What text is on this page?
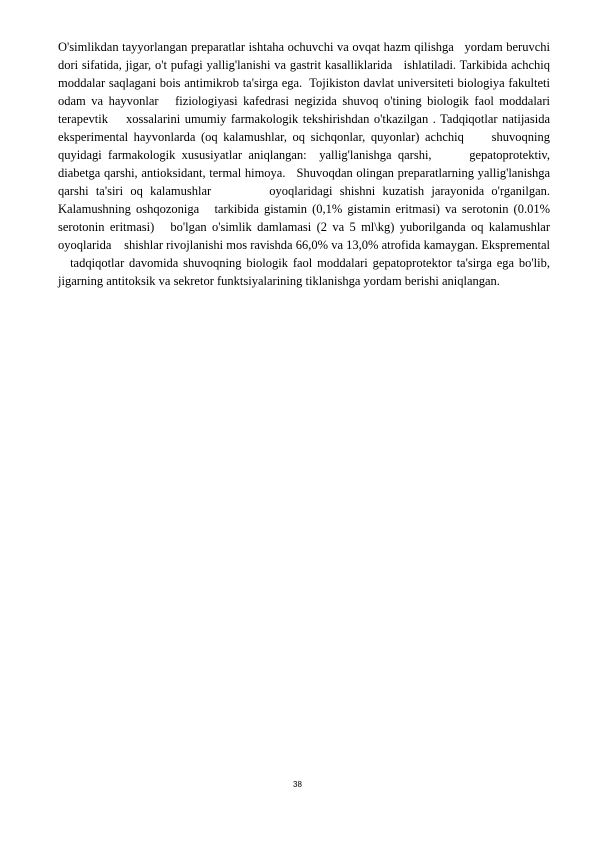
O'simlikdan tayyorlangan preparatlar ishtaha ochuvchi va ovqat hazm qilishga   yordam beruvchi dori sifatida, jigar, o't pufagi yallig'lanishi va gastrit kasalliklarida   ishlatiladi. Tarkibida achchiq moddalar saqlagani bois antimikrob ta'sirga ega.  Tojikiston davlat universiteti biologiya fakulteti odam va hayvonlar   fiziologiyasi kafedrasi negizida shuvoq o'tining biologik faol moddalari terapevtik    xossalarini umumiy farmakologik tekshirishdan o'tkazilgan . Tadqiqotlar natijasida     eksperimental hayvonlarda (oq kalamushlar, oq sichqonlar, quyonlar) achchiq     shuvoqning quyidagi farmakologik xususiyatlar aniqlangan:  yallig'lanishga qarshi,      gepatoprotektiv, diabetga qarshi, antioksidant, termal himoya.   Shuvoqdan olingan preparatlarning yallig'lanishga qarshi ta'siri oq kalamushlar        oyoqlaridagi shishni kuzatish jarayonida o'rganilgan. Kalamushning oshqozoniga   tarkibida gistamin (0,1% gistamin eritmasi) va serotonin (0.01% serotonin eritmasi)   bo'lgan o'simlik damlamasi (2 va 5 ml\kg) yuborilganda oq kalamushlar oyoqlarida    shishlar rivojlanishi mos ravishda 66,0% va 13,0% atrofida kamaygan. Eksprementalᅠtadqiqotlar davomida shuvoqning biologik faol moddalari gepatoprotektor ta'sirga ega bo'lib, jigarning antitoksik va sekretor funktsiyalarining tiklanishga yordam berishi aniqlangan.

38
